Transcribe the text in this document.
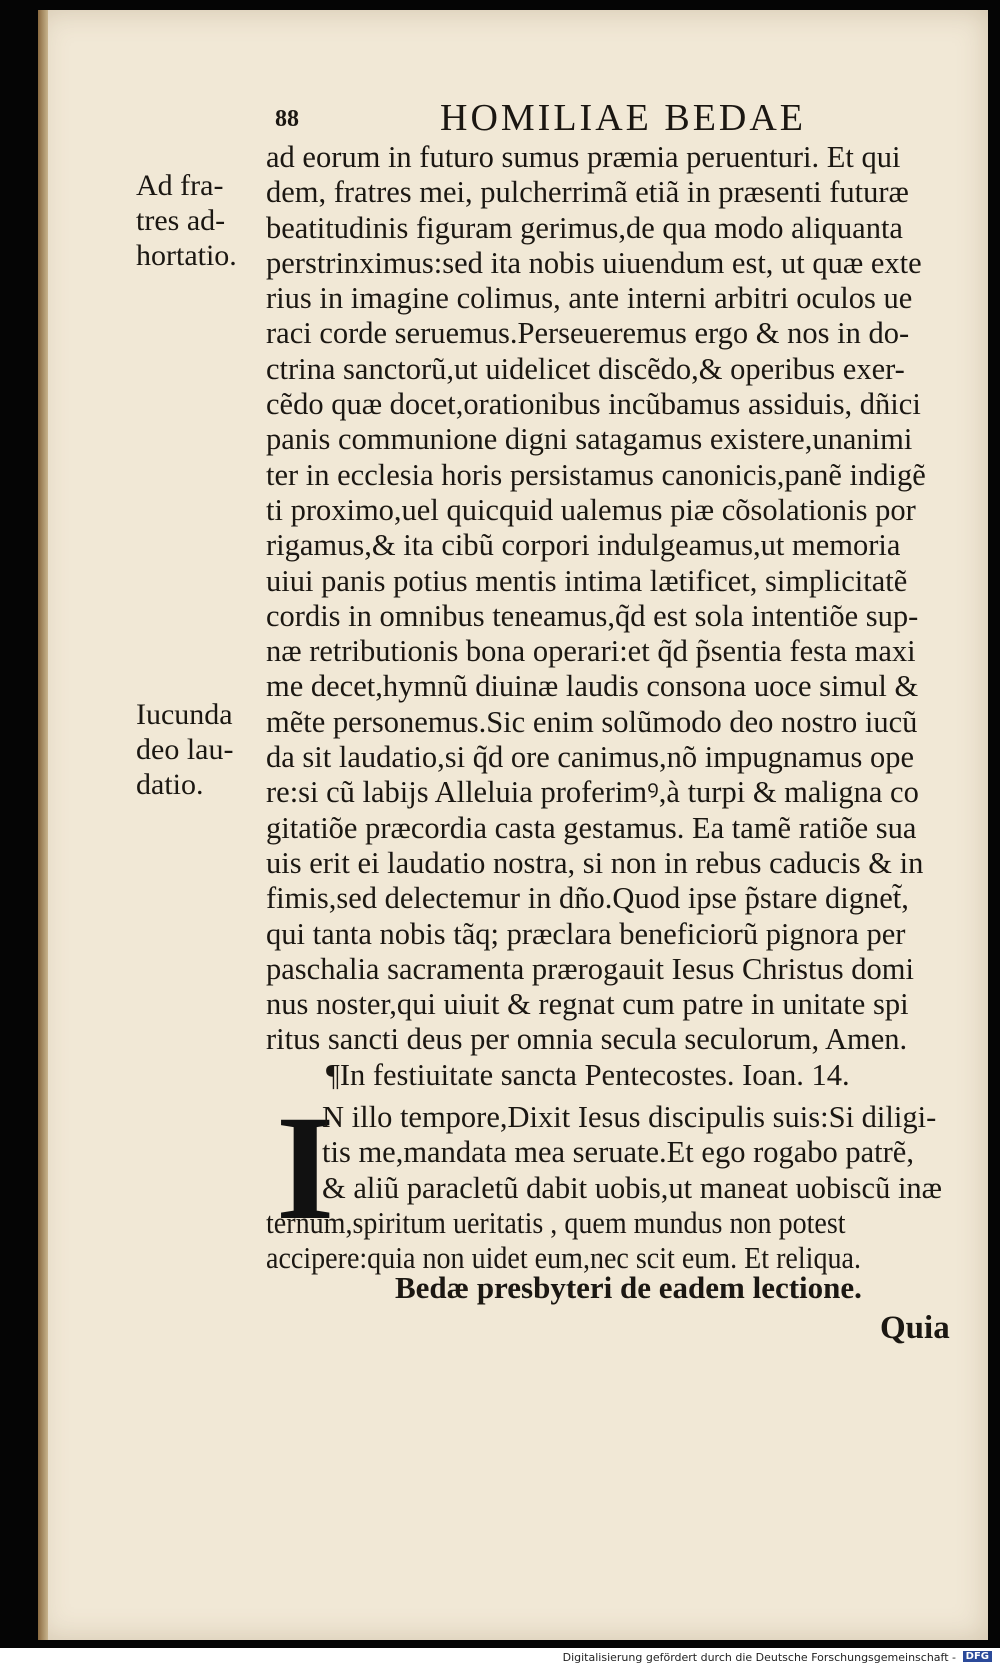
88	HOMILIAE BEDAE
Ad fra-
tres ad-
hortatio.
Iucunda
deo lau-
datio.
ad eorum in futuro sumus præmia peruenturi. Et qui
dem, fratres mei, pulcherrimã etiã in præsenti futuræ
beatitudinis figuram gerimus,de qua modo aliquanta
perstrinximus:sed ita nobis uiuendum est, ut quæ exte
rius in imagine colimus, ante interni arbitri oculos ue
raci corde seruemus.Perseueremus ergo & nos in do-
ctrina sanctorũ,ut uidelicet discẽdo,& operibus exer-
cẽdo quæ docet,orationibus incũbamus assiduis, dñici
panis communione digni satagamus existere,unanimi
ter in ecclesia horis persistamus canonicis,panẽ indigẽ
ti proximo,uel quicquid ualemus piæ cõsolationis por
rigamus,& ita cibũ corpori indulgeamus,ut memoria
uiui panis potius mentis intima lætificet, simplicitatẽ
cordis in omnibus teneamus,q̃d est sola intentiõe sup-
næ retributionis bona operari:et q̃d p̃sentia festa maxi
me decet,hymnũ diuinæ laudis consona uoce simul &
mẽte personemus.Sic enim solũmodo deo nostro iucũ
da sit laudatio,si q̃d ore canimus,nõ impugnamus ope
re:si cũ labijs Alleluia proferimꝰ,à turpi & maligna co
gitatiõe præcordia casta gestamus. Ea tamẽ ratiõe sua
uis erit ei laudatio nostra, si non in rebus caducis & in
fimis,sed delectemur in dño.Quod ipse p̃stare dignet̃,
qui tanta nobis tãq; præclara beneficiorũ pignora per
paschalia sacramenta prærogauit Iesus Christus domi
nus noster,qui uiuit & regnat cum patre in unitate spi
ritus sancti deus per omnia secula seculorum, Amen.
¶In festiuitate sancta Pentecostes. Ioan. 14.
I
N illo tempore,Dixit Iesus discipulis suis:Si diligi-
tis me,mandata mea seruate.Et ego rogabo patrẽ,
& aliũ paracletũ dabit uobis,ut maneat uobiscũ inæ
ternum,spiritum ueritatis , quem mundus non potest
accipere:quia non uidet eum,nec scit eum. Et reliqua.
Bedæ presbyteri de eadem lectione.
Quia
Digitalisierung gefördert durch die Deutsche Forschungsgemeinschaft - DFG
